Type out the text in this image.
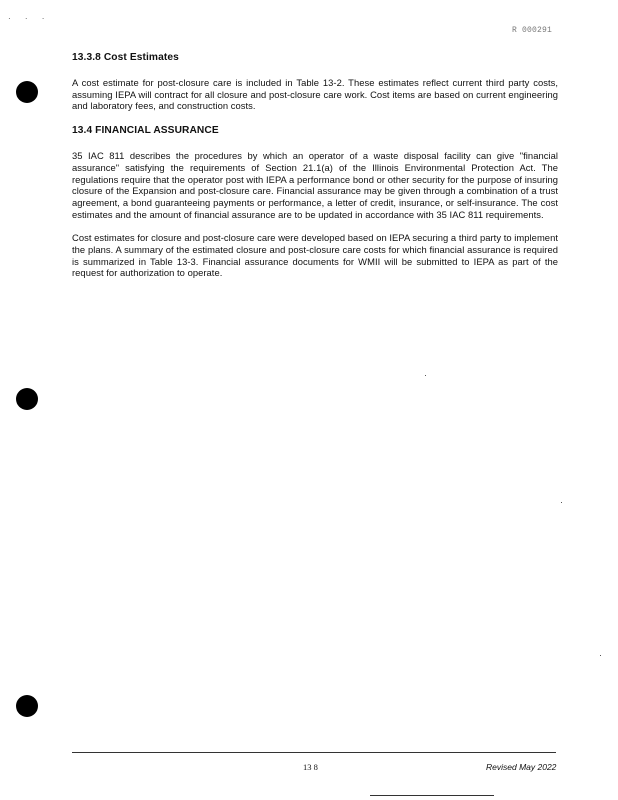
· · ·
R 000291
13.3.8 Cost Estimates

A cost estimate for post-closure care is included in Table 13-2. These estimates reflect current third party costs, assuming IEPA will contract for all closure and post-closure care work. Cost items are based on current engineering and laboratory fees, and construction costs.

13.4 FINANCIAL ASSURANCE

35 IAC 811 describes the procedures by which an operator of a waste disposal facility can give "financial assurance" satisfying the requirements of Section 21.1(a) of the Illinois Environmental Protection Act. The regulations require that the operator post with IEPA a performance bond or other security for the purpose of insuring closure of the Expansion and post-closure care. Financial assurance may be given through a combination of a trust agreement, a bond guaranteeing payments or performance, a letter of credit, insurance, or self-insurance. The cost estimates and the amount of financial assurance are to be updated in accordance with 35 IAC 811 requirements.

Cost estimates for closure and post-closure care were developed based on IEPA securing a third party to implement the plans. A summary of the estimated closure and post-closure care costs for which financial assurance is required is summarized in Table 13-3. Financial assurance documents for WMII will be submitted to IEPA as part of the request for authorization to operate.

13 8	Revised May 2022
